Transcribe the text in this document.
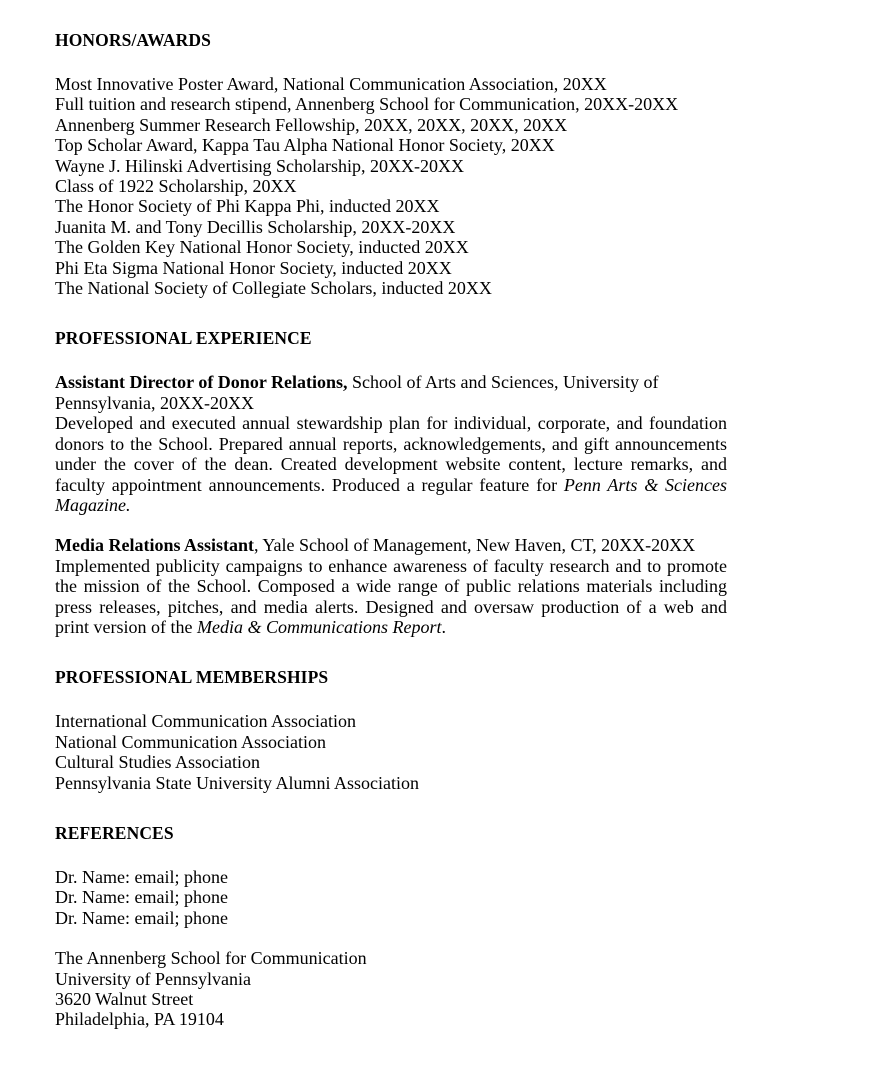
HONORS/AWARDS
Most Innovative Poster Award, National Communication Association, 20XX
Full tuition and research stipend, Annenberg School for Communication, 20XX-20XX
Annenberg Summer Research Fellowship, 20XX, 20XX, 20XX, 20XX
Top Scholar Award, Kappa Tau Alpha National Honor Society, 20XX
Wayne J. Hilinski Advertising Scholarship, 20XX-20XX
Class of 1922 Scholarship, 20XX
The Honor Society of Phi Kappa Phi, inducted 20XX
Juanita M. and Tony Decillis Scholarship, 20XX-20XX
The Golden Key National Honor Society, inducted 20XX
Phi Eta Sigma National Honor Society, inducted 20XX
The National Society of Collegiate Scholars, inducted 20XX
PROFESSIONAL EXPERIENCE
Assistant Director of Donor Relations, School of Arts and Sciences, University of Pennsylvania, 20XX-20XX
Developed and executed annual stewardship plan for individual, corporate, and foundation donors to the School. Prepared annual reports, acknowledgements, and gift announcements under the cover of the dean. Created development website content, lecture remarks, and faculty appointment announcements. Produced a regular feature for Penn Arts & Sciences Magazine.
Media Relations Assistant, Yale School of Management, New Haven, CT, 20XX-20XX
Implemented publicity campaigns to enhance awareness of faculty research and to promote the mission of the School. Composed a wide range of public relations materials including press releases, pitches, and media alerts. Designed and oversaw production of a web and print version of the Media & Communications Report.
PROFESSIONAL MEMBERSHIPS
International Communication Association
National Communication Association
Cultural Studies Association
Pennsylvania State University Alumni Association
REFERENCES
Dr. Name: email; phone
Dr. Name: email; phone
Dr. Name: email; phone
The Annenberg School for Communication
University of Pennsylvania
3620 Walnut Street
Philadelphia, PA 19104
